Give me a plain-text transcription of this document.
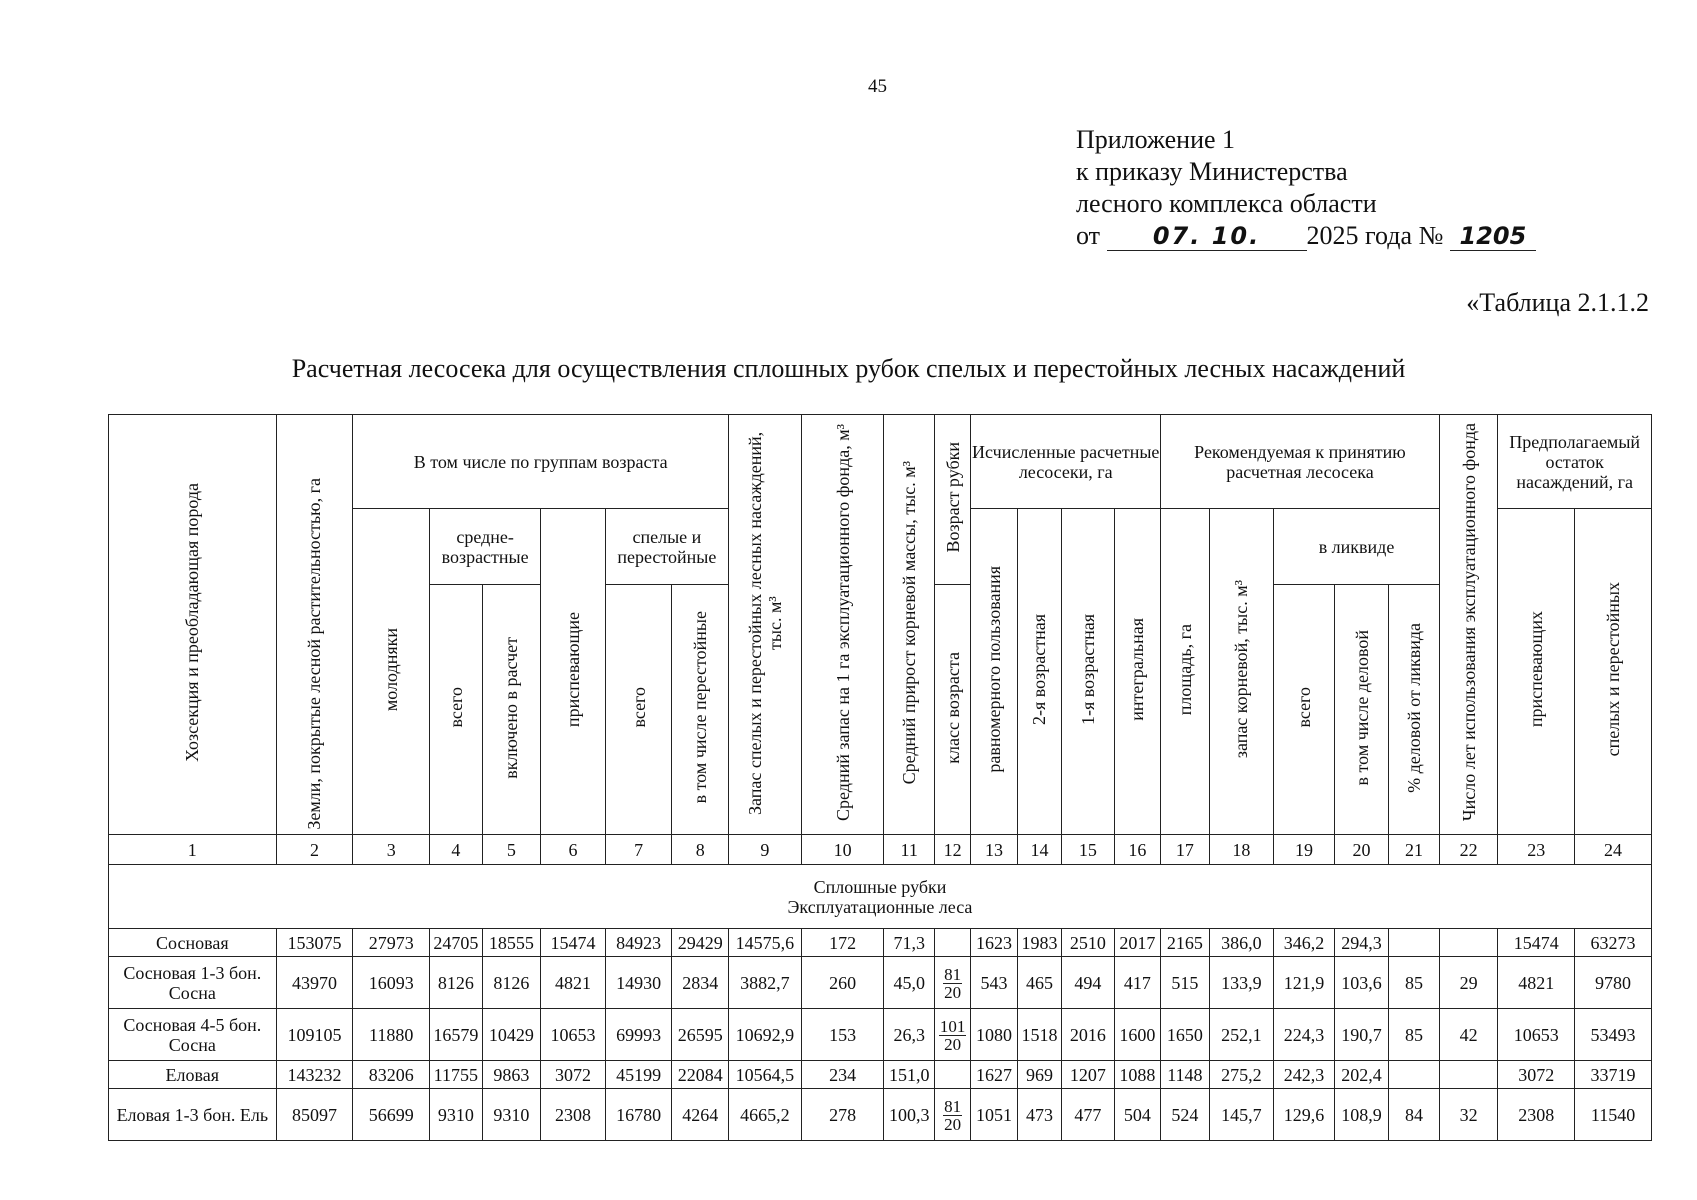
45
Приложение 1
к приказу Министерства
лесного комплекса области
от 07. 10. 2025 года № 1205
«Таблица 2.1.1.2
Расчетная лесосека для осуществления сплошных рубок спелых и перестойных лесных насаждений
Хозсекция и преобладающая порода	Земли, покрытые лесной растительностью, га	В том числе по группам возраста						Запас спелых и перестойных лесных насаждений, тыс. м³	Средний запас на 1 га эксплуатационного фонда, м³	Средний прирост корневой массы, тыс. м³	Возраст рубки	Исчисленные расчетные лесосеки, га				Рекомендуемая к принятию расчетная лесосека					Число лет использования эксплуатационного фонда	Предполагаемый остаток насаждений, га	
		молодняки	средне-возрастные		приспевающие	спелые и перестойные						равномерного пользования	2-я возрастная	1-я возрастная	интегральная	площадь, га	запас корневой, тыс. м³	в ликвиде				приспевающих	спелых и перестойных
			всего	включено в расчет		всего	в том числе перестойные				класс возраста							всего	в том числе деловой	% деловой от ликвида			
1	2	3	4	5	6	7	8	9	10	11	12	13	14	15	16	17	18	19	20	21	22	23	24

Сплошные рубки
Эксплуатационные леса																							

Сосновая	153075	27973	24705	18555	15474	84923	29429	14575,6	172	71,3		1623	1983	2510	2017	2165	386,0	346,2	294,3			15474	63273
Сосновая 1-3 бон. Сосна	43970	16093	8126	8126	4821	14930	2834	3882,7	260	45,0	$\frac{81}{20}$	543	465	494	417	515	133,9	121,9	103,6	85	29	4821	9780
Сосновая 4-5 бон. Сосна	109105	11880	16579	10429	10653	69993	26595	10692,9	153	26,3	$\frac{101}{20}$	1080	1518	2016	1600	1650	252,1	224,3	190,7	85	42	10653	53493
Еловая	143232	83206	11755	9863	3072	45199	22084	10564,5	234	151,0		1627	969	1207	1088	1148	275,2	242,3	202,4			3072	33719
Еловая 1-3 бон. Ель	85097	56699	9310	9310	2308	16780	4264	4665,2	278	100,3	$\frac{81}{20}$	1051	473	477	504	524	145,7	129,6	108,9	84	32	2308	11540
